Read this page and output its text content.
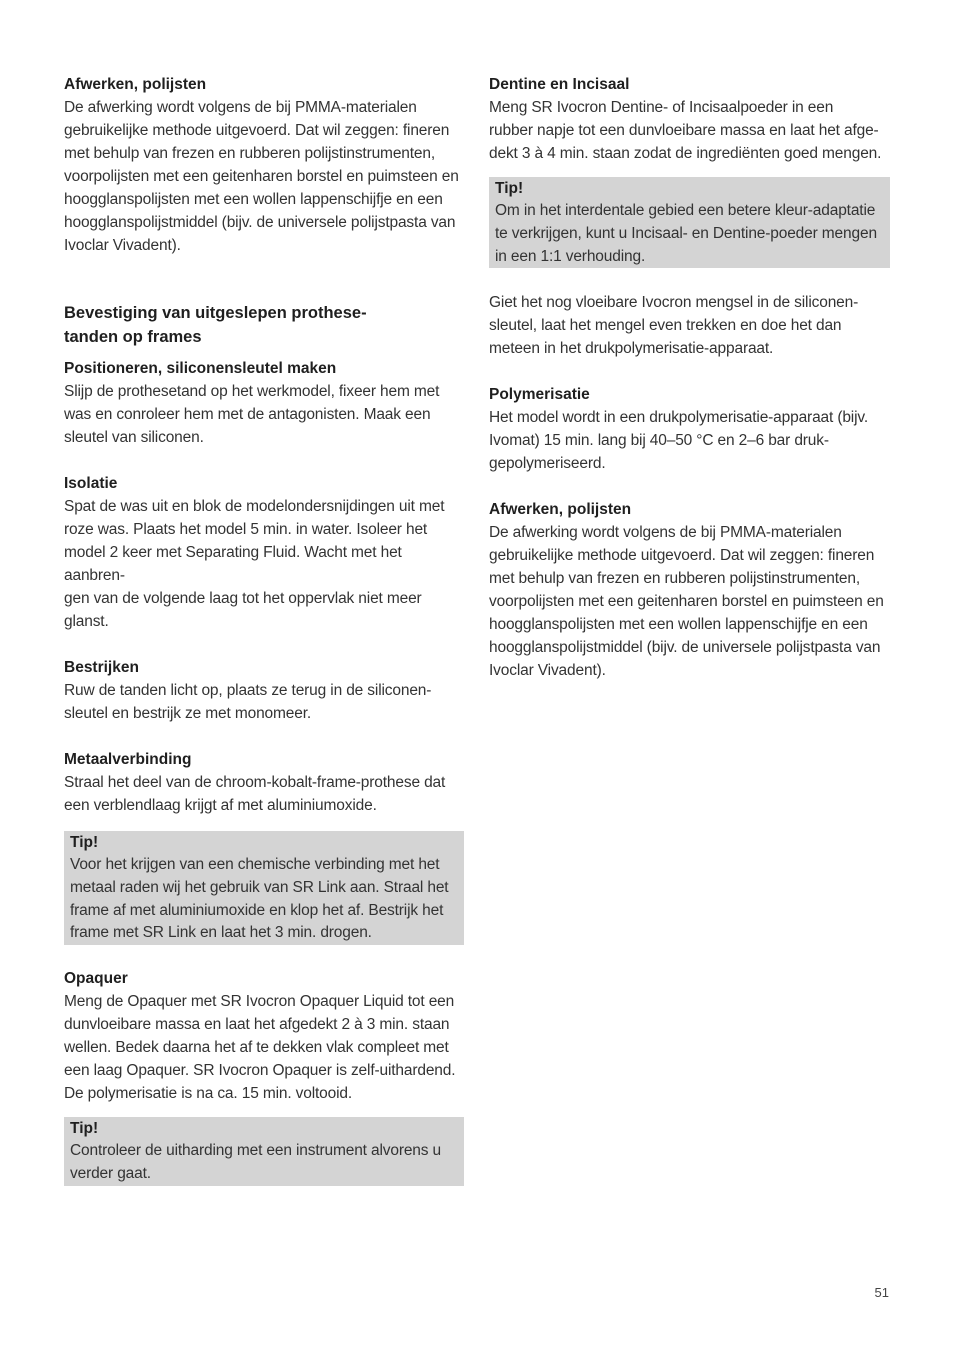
Afwerken, polijsten

De afwerking wordt volgens de bij PMMA-materialen
gebruikelijke methode uitgevoerd. Dat wil zeggen: fineren
met behulp van frezen en rubberen polijstinstrumenten,
voorpolijsten met een geitenharen borstel en puimsteen en
hoogglanspolijsten met een wollen lappenschijfje en een
hoogglanspolijstmiddel (bijv. de universele polijstpasta van
Ivoclar Vivadent).

Bevestiging van uitgeslepen prothese-
tanden op frames

Positioneren, siliconensleutel maken

Slijp de prothesetand op het werkmodel, fixeer hem met
was en conroleer hem met de antagonisten. Maak een
sleutel van siliconen.

Isolatie

Spat de was uit en blok de modelondersnijdingen uit met
roze was. Plaats het model 5 min. in water. Isoleer het
model 2 keer met Separating Fluid. Wacht met het aanbren-
gen van de volgende laag tot het oppervlak niet meer
glanst.

Bestrijken

Ruw de tanden licht op, plaats ze terug in de siliconen-
sleutel en bestrijk ze met monomeer.

Metaalverbinding

Straal het deel van de chroom-kobalt-frame-prothese dat
een verblendlaag krijgt af met aluminiumoxide.

Tip!

Voor het krijgen van een chemische verbinding met het
metaal raden wij het gebruik van SR Link aan. Straal het
frame af met aluminiumoxide en klop het af. Bestrijk het
frame met SR Link en laat het 3 min. drogen.

Opaquer

Meng de Opaquer met SR Ivocron Opaquer Liquid tot een
dunvloeibare massa en laat het afgedekt 2 à 3 min. staan
wellen. Bedek daarna het af te dekken vlak compleet met
een laag Opaquer. SR Ivocron Opaquer is zelf-uithardend.
De polymerisatie is na ca. 15 min. voltooid.

Tip!

Controleer de uitharding met een instrument alvorens u
verder gaat.

Dentine en Incisaal

Meng SR Ivocron Dentine- of Incisaalpoeder in een
rubber napje tot een dunvloeibare massa en laat het afge-
dekt 3 à 4 min. staan zodat de ingrediënten goed mengen.

Tip!

Om in het interdentale gebied een betere kleur-adaptatie
te verkrijgen, kunt u Incisaal- en Dentine-poeder mengen
in een 1:1 verhouding.

Giet het nog vloeibare Ivocron mengsel in de siliconen-
sleutel, laat het mengel even trekken en doe het dan
meteen in het drukpolymerisatie-apparaat.

Polymerisatie

Het model wordt in een drukpolymerisatie-apparaat (bijv.
Ivomat) 15 min. lang bij 40–50 °C en 2–6 bar druk-
gepolymeriseerd.

Afwerken, polijsten

De afwerking wordt volgens de bij PMMA-materialen
gebruikelijke methode uitgevoerd. Dat wil zeggen: fineren
met behulp van frezen en rubberen polijstinstrumenten,
voorpolijsten met een geitenharen borstel en puimsteen en
hoogglanspolijsten met een wollen lappenschijfje en een
hoogglanspolijstmiddel (bijv. de universele polijstpasta van
Ivoclar Vivadent).

51
